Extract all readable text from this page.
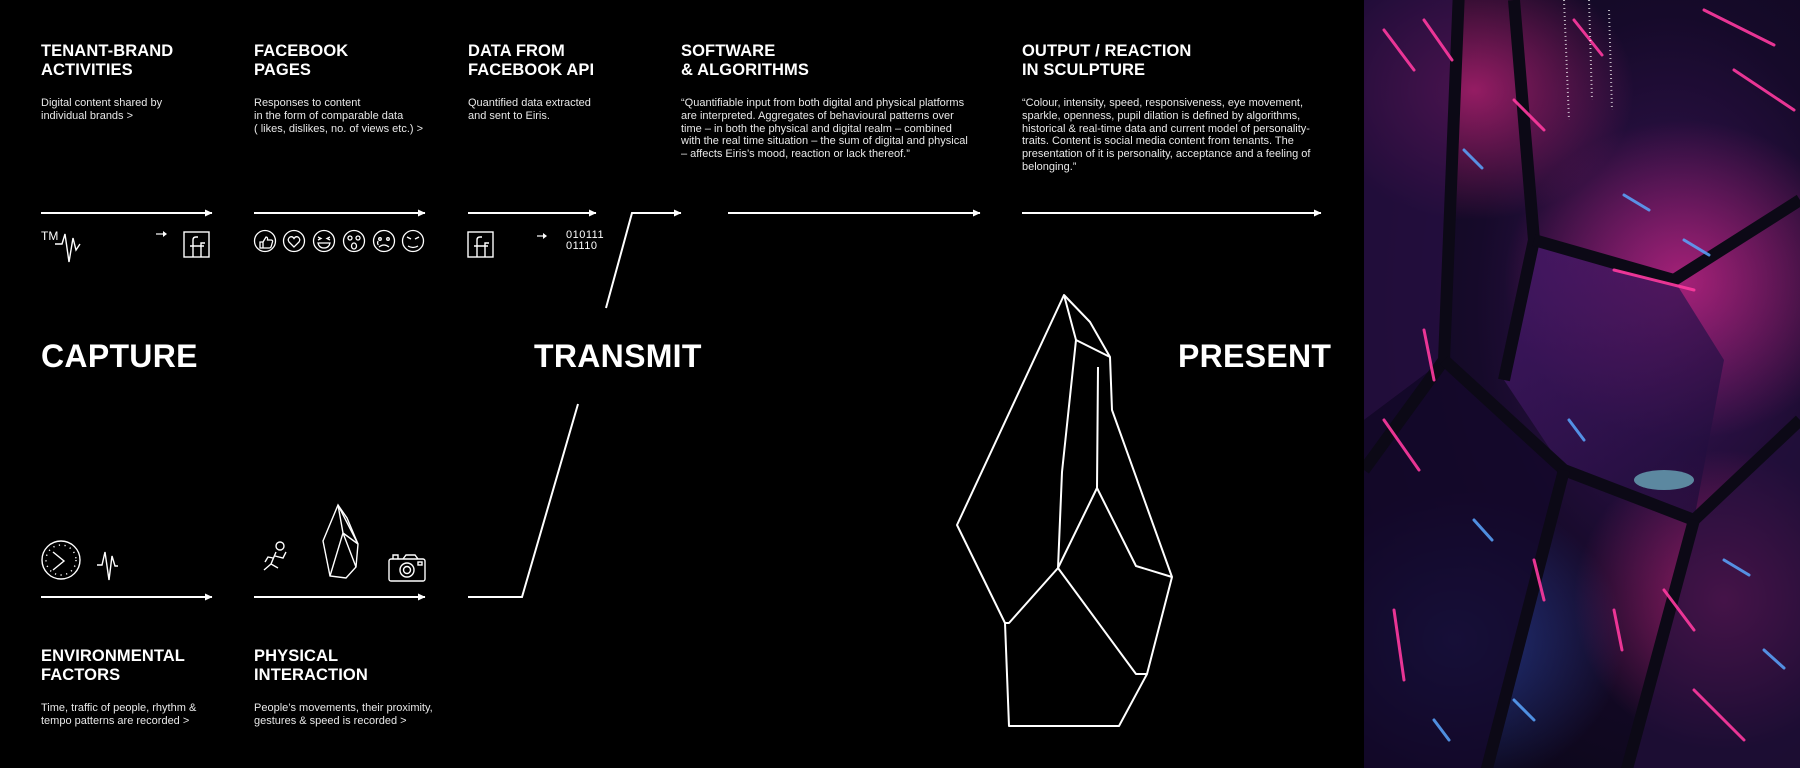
TENANT-BRAND
ACTIVITIES
Digital content shared by
individual brands >
FACEBOOK
PAGES
Responses to content
in the form of comparable data
( likes, dislikes, no. of views etc.) >
DATA FROM
FACEBOOK API
Quantified data extracted
and sent to Eiris.
SOFTWARE
& ALGORITHMS
“Quantifiable input from both digital and physical platforms
are interpreted. Aggregates of behavioural patterns over
time – in both the physical and digital realm – combined
with the real time situation – the sum of digital and physical
– affects Eiris’s mood, reaction or lack thereof.”
OUTPUT / REACTION
IN SCULPTURE
“Colour, intensity, speed, responsiveness, eye movement,
sparkle, openness, pupil dilation is defined by algorithms,
historical & real-time data and current model of personality-
traits. Content is social media content from tenants. The
presentation of it is personality, acceptance and a feeling of
belonging.”
ENVIRONMENTAL
FACTORS
Time, traffic of people, rhythm &
tempo patterns are recorded >
PHYSICAL
INTERACTION
People’s movements, their proximity,
gestures & speed is recorded >
CAPTURE	TRANSMIT	PRESENT
TM	010111
01110
